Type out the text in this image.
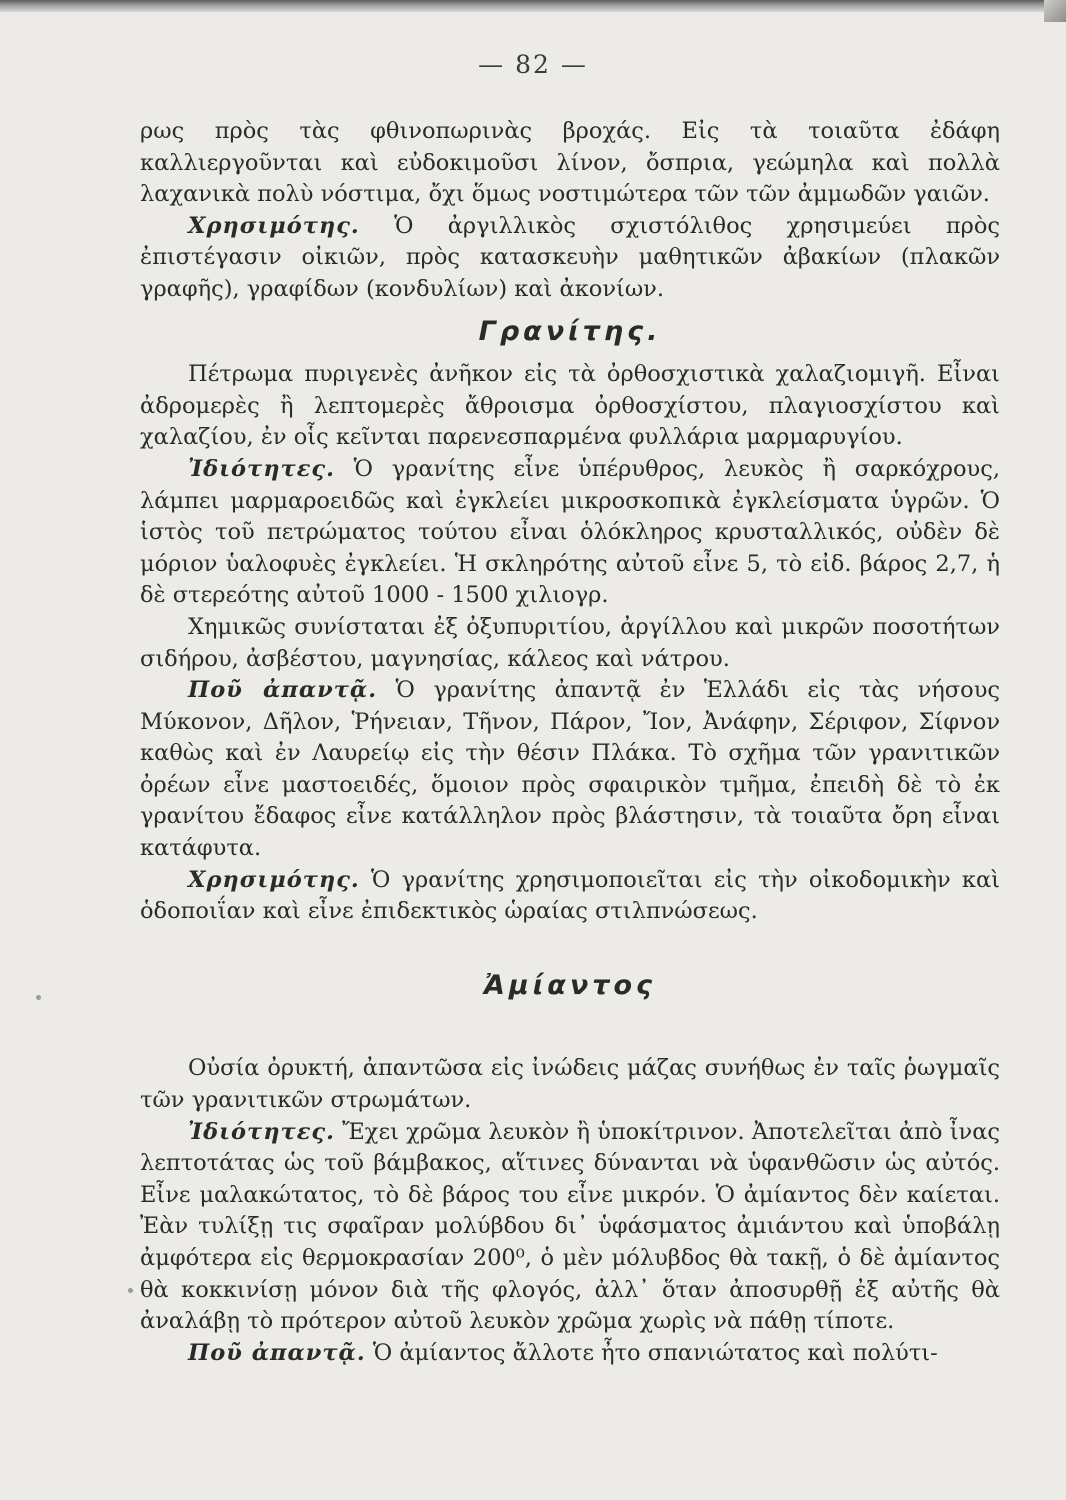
— 82 —

ρως πρὸς τὰς φθινοπωρινὰς βροχάς. Εἰς τὰ τοιαῦτα ἐδάφη καλλιεργοῦνται καὶ εὐδοκιμοῦσι λίνον, ὄσπρια, γεώμηλα καὶ πολλὰ λαχανικὰ πολὺ νόστιμα, ὄχι ὅμως νοστιμώτερα τῶν τῶν ἀμμωδῶν γαιῶν.

Χρησιμότης. Ὁ ἀργιλλικὸς σχιστόλιθος χρησιμεύει πρὸς ἐπιστέγασιν οἰκιῶν, πρὸς κατασκευὴν μαθητικῶν ἀβακίων (πλακῶν γραφῆς), γραφίδων (κονδυλίων) καὶ ἀκονίων.

Γρανίτης.

Πέτρωμα πυριγενὲς ἀνῆκον εἰς τὰ ὀρθοσχιστικὰ χαλαζιομιγῆ. Εἶναι ἀδρομερὲς ἢ λεπτομερὲς ἄθροισμα ὀρθοσχίστου, πλαγιοσχίστου καὶ χαλαζίου, ἐν οἷς κεῖνται παρενεσπαρμένα φυλλάρια μαρμαρυγίου.

Ἰδιότητες. Ὁ γρανίτης εἶνε ὑπέρυθρος, λευκὸς ἢ σαρκόχρους, λάμπει μαρμαροειδῶς καὶ ἐγκλείει μικροσκοπικὰ ἐγκλείσματα ὑγρῶν. Ὁ ἱστὸς τοῦ πετρώματος τούτου εἶναι ὁλόκληρος κρυσταλλικός, οὐδὲν δὲ μόριον ὑαλοφυὲς ἐγκλείει. Ἡ σκληρότης αὐτοῦ εἶνε 5, τὸ εἰδ. βάρος 2,7, ἡ δὲ στερεότης αὐτοῦ 1000 - 1500 χιλιογρ.

Χημικῶς συνίσταται ἐξ ὀξυπυριτίου, ἀργίλλου καὶ μικρῶν ποσοτήτων σιδήρου, ἀσβέστου, μαγνησίας, κάλεος καὶ νάτρου.

Ποῦ ἀπαντᾷ. Ὁ γρανίτης ἀπαντᾷ ἐν Ἑλλάδι εἰς τὰς νήσους Μύκονον, Δῆλον, Ῥήνειαν, Τῆνον, Πάρον, Ἴον, Ἀνάφην, Σέριφον, Σίφνον καθὼς καὶ ἐν Λαυρείῳ εἰς τὴν θέσιν Πλάκα. Τὸ σχῆμα τῶν γρανιτικῶν ὀρέων εἶνε μαστοειδές, ὅμοιον πρὸς σφαιρικὸν τμῆμα, ἐπειδὴ δὲ τὸ ἐκ γρανίτου ἔδαφος εἶνε κατάλληλον πρὸς βλάστησιν, τὰ τοιαῦτα ὄρη εἶναι κατάφυτα.

Χρησιμότης. Ὁ γρανίτης χρησιμοποιεῖται εἰς τὴν οἰκοδομικὴν καὶ ὁδοποιΐαν καὶ εἶνε ἐπιδεκτικὸς ὡραίας στιλπνώσεως.

Ἀμίαντος

Οὐσία ὀρυκτή, ἀπαντῶσα εἰς ἰνώδεις μάζας συνήθως ἐν ταῖς ῥωγμαῖς τῶν γρανιτικῶν στρωμάτων.

Ἰδιότητες. Ἔχει χρῶμα λευκὸν ἢ ὑποκίτρινον. Ἀποτελεῖται ἀπὸ ἶνας λεπτοτάτας ὡς τοῦ βάμβακος, αἵτινες δύνανται νὰ ὑφανθῶσιν ὡς αὐτός. Εἶνε μαλακώτατος, τὸ δὲ βάρος του εἶνε μικρόν. Ὁ ἀμίαντος δὲν καίεται. Ἐὰν τυλίξῃ τις σφαῖραν μολύβδου δι᾽ ὑφάσματος ἀμιάντου καὶ ὑποβάλῃ ἀμφότερα εἰς θερμοκρασίαν 200⁰, ὁ μὲν μόλυβδος θὰ τακῇ, ὁ δὲ ἀμίαντος θὰ κοκκινίσῃ μόνον διὰ τῆς φλογός, ἀλλ᾽ ὅταν ἀποσυρθῇ ἐξ αὐτῆς θὰ ἀναλάβῃ τὸ πρότερον αὐτοῦ λευκὸν χρῶμα χωρὶς νὰ πάθῃ τίποτε.

Ποῦ ἀπαντᾷ. Ὁ ἀμίαντος ἄλλοτε ἦτο σπανιώτατος καὶ πολύτι-
